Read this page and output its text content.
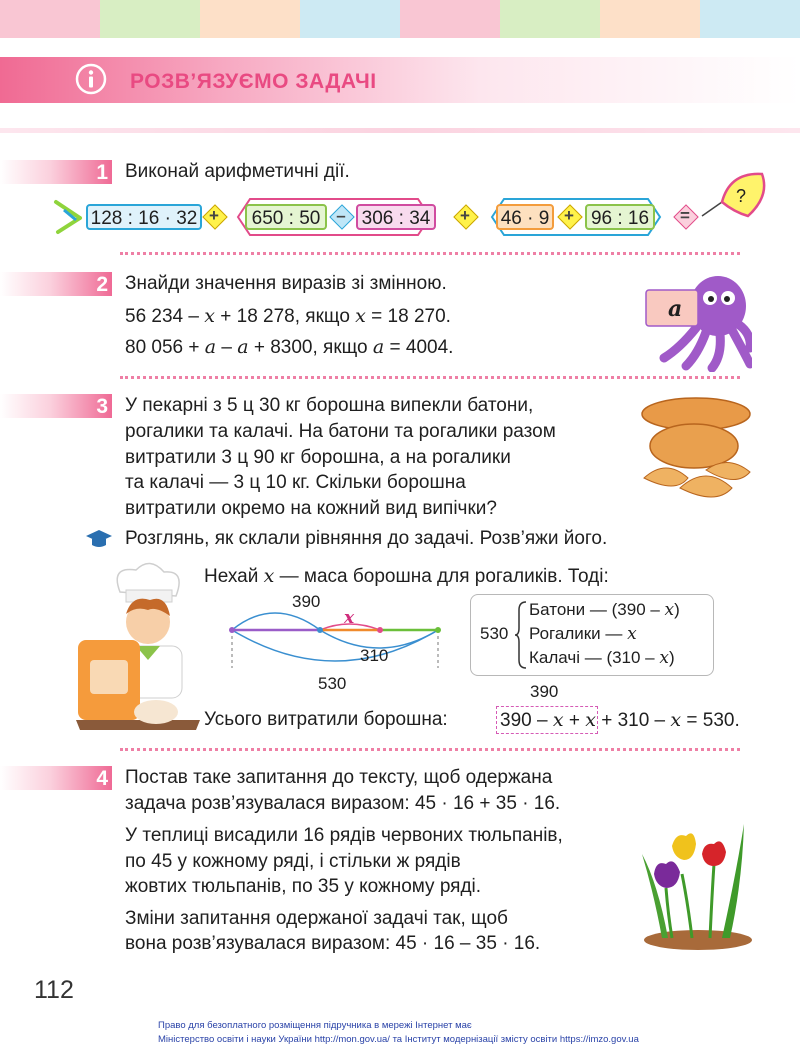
РОЗВ’ЯЗУЄМО ЗАДАЧІ
1 Виконай арифметичні дії.
128 : 16 · 32 +	650 : 50 – 306 : 34	+	46 · 9 + 96 : 16	=
?
2 Знайди значення виразів зі змінною.
56 234 – x + 18 278, якщо x = 18 270.
80 056 + a – a + 8300, якщо a = 4004.
a
3 У пекарні з 5 ц 30 кг борошна випекли батони,
рогалики та калачі. На батони та рогалики разом
витратили 3 ц 90 кг борошна, а на рогалики
та калачі — 3 ц 10 кг. Скільки борошна
витратили окремо на кожний вид випічки?
Розглянь, як склали рівняння до задачі. Розв’яжи його.
Нехай x — маса борошна для рогаликів. Тоді:
390
x
310
530
530
Батони — (390 – x)
Рогалики — x
Калачі — (310 – x)
390
Усього витратили борошна:	390 – x + x + 310 – x = 530.
4 Постав таке запитання до тексту, щоб одержана
задача розв’язувалася виразом: 45 · 16 + 35 · 16.
У теплиці висадили 16 рядів червоних тюльпанів,
по 45 у кожному ряді, і стільки ж рядів
жовтих тюльпанів, по 35 у кожному ряді.
Зміни запитання одержаної задачі так, щоб
вона розв’язувалася виразом: 45 · 16 – 35 · 16.
112
Право для безоплатного розміщення підручника в мережі Інтернет має
Міністерство освіти і науки України http://mon.gov.ua/ та Інститут модернізації змісту освіти https://imzo.gov.ua
